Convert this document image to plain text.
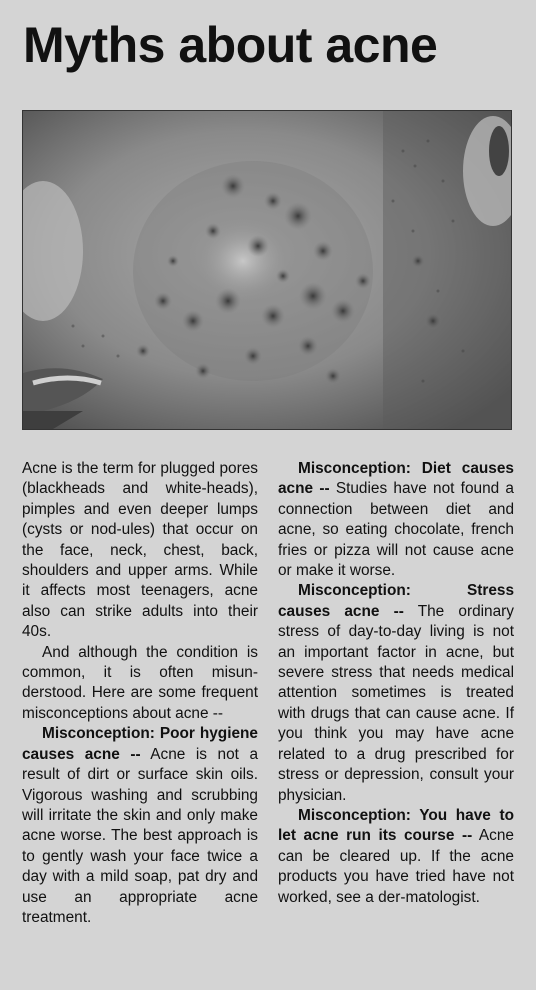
Myths about acne

Acne is the term for plugged pores (blackheads and white-heads), pimples and even deeper lumps (cysts or nod-ules) that occur on the face, neck, chest, back, shoulders and upper arms. While it affects most teenagers, acne also can strike adults into their 40s.

And although the condition is common, it is often misun-derstood. Here are some frequent misconceptions about acne --

Misconception: Poor hygiene causes acne -- Acne is not a result of dirt or surface skin oils. Vigorous washing and scrubbing will irritate the skin and only make acne worse. The best approach is to gently wash your face twice a day with a mild soap, pat dry and use an appropriate acne treatment.

Misconception: Diet causes acne -- Studies have not found a connection between diet and acne, so eating chocolate, french fries or pizza will not cause acne or make it worse.

Misconception: Stress causes acne -- The ordinary stress of day-to-day living is not an important factor in acne, but severe stress that needs medical attention sometimes is treated with drugs that can cause acne. If you think you may have acne related to a drug prescribed for stress or depression, consult your physician.

Misconception: You have to let acne run its course -- Acne can be cleared up. If the acne products you have tried have not worked, see a der-matologist.
